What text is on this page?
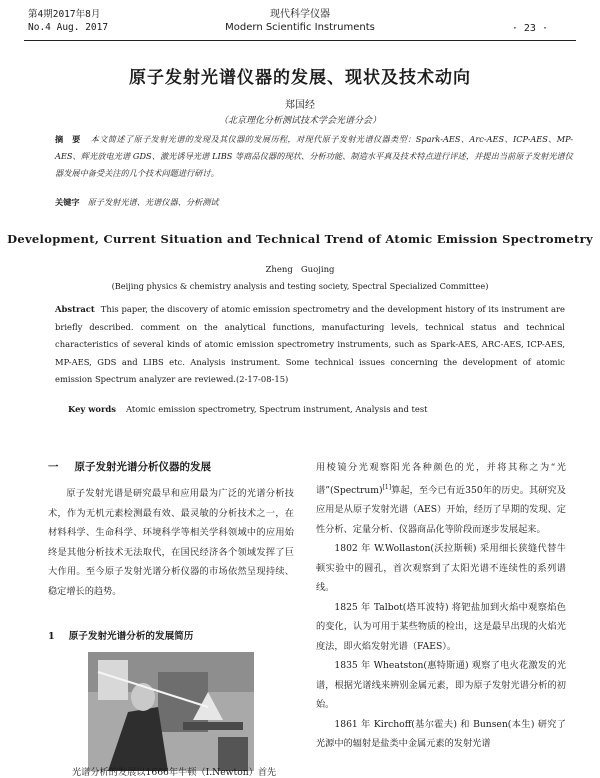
第4期2017年8月
No.4 Aug. 2017
现代科学仪器
Modern Scientific Instruments	· 23 ·
原子发射光谱仪器的发展、现状及技术动向
郑国经
（北京理化分析测试技术学会光谱分会）
摘　要 本文简述了原子发射光谱的发现及其仪器的发展历程，对现代原子发射光谱仪器类型：Spark-AES、Arc-AES、ICP-AES、MP-AES、辉光放电光谱 GDS、激光诱导光谱 LIBS 等商品仪器的现状、分析功能、制造水平真及技术特点进行评述，并提出当前原子发射光谱仪器发展中备受关注的几个技术问题进行研讨。
关键字 原子发射光谱、光谱仪器、分析测试
Development, Current Situation and Technical Trend of Atomic Emission Spectrometry
Zheng Guojing
(Beijing physics & chemistry analysis and testing society, Spectral Specialized Committee)
Abstract This paper, the discovery of atomic emission spectrometry and the development history of its instrument are briefly described. comment on the analytical functions, manufacturing levels, technical status and technical characteristics of several kinds of atomic emission spectrometry instruments, such as Spark-AES, ARC-AES, ICP-AES, MP-AES, GDS and LIBS etc. Analysis instrument. Some technical issues concerning the development of atomic emission Spectrum analyzer are reviewed.(2-17-08-15)
Key words Atomic emission spectrometry, Spectrum instrument, Analysis and test
一 原子发射光谱分析仪器的发展

原子发射光谱是研究最早和应用最为广泛的光谱分析技术，作为无机元素检测最有效、最灵敏的分析技术之一，在材料科学、生命科学、环境科学等相关学科领域中的应用始终是其他分析技术无法取代，在国民经济各个领域发挥了巨大作用。至今原子发射光谱分析仪器的市场依然呈现持续、稳定增长的趋势。

1 原子发射光谱分析的发展简历
光谱分析的发展以1666年牛顿（I.Newton）首先

用棱镜分光观察阳光各种颜色的光，并将其称之为“光谱”(Spectrum)[1]算起，至今已有近350年的历史。其研究及应用是从原子发射光谱（AES）开始，经历了早期的发现、定性分析、定量分析、仪器商品化等阶段而逐步发展起来。

1802 年 W.Wollaston(沃拉斯顿) 采用细长狭缝代替牛顿实验中的圆孔，首次观察到了太阳光谱不连续性的系列谱线。

1825 年 Talbot(塔耳波特) 将钯盐加到火焰中观察焰色的变化，认为可用于某些物质的检出，这是最早出现的火焰光度法，即火焰发射光谱（FAES）。

1835 年 Wheatston(惠特斯通) 观察了电火花激发的光谱，根据光谱线来辨别金属元素，即为原子发射光谱分析的初始。

1861 年 Kirchoff(基尔霍夫) 和 Bunsen(本生) 研究了光源中的辐射是盐类中金属元素的发射光谱
